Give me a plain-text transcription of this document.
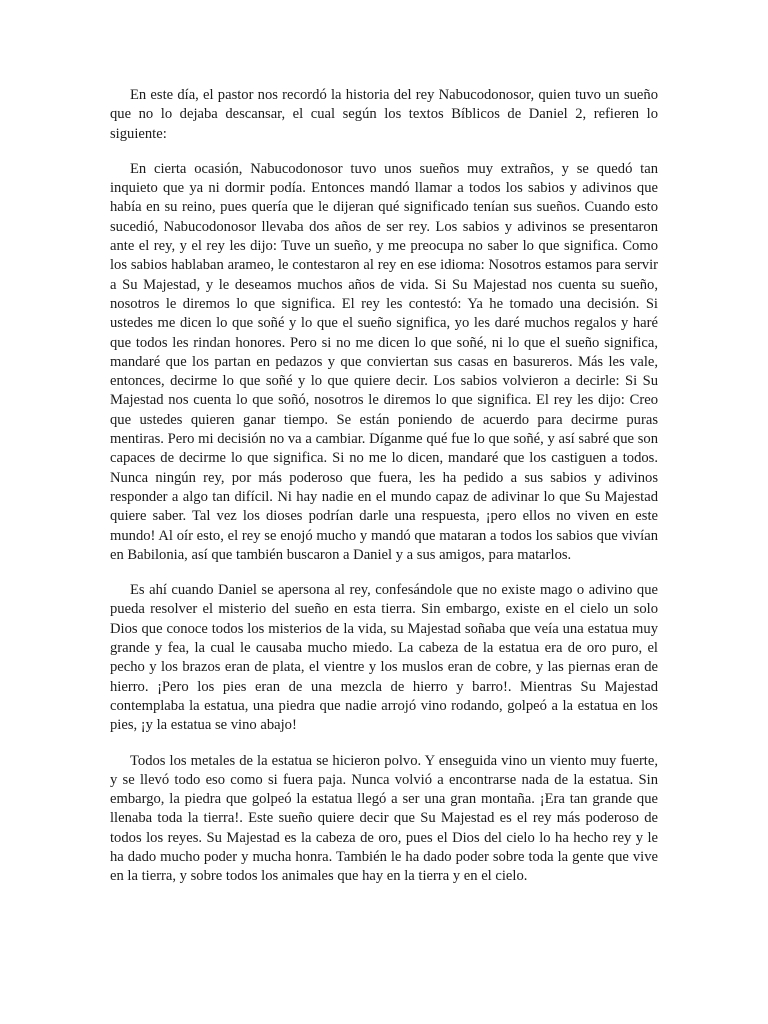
En este día, el pastor nos recordó la historia del rey Nabucodonosor, quien tuvo un sueño que no lo dejaba descansar, el cual según los textos Bíblicos de Daniel 2, refieren lo siguiente:

En cierta ocasión, Nabucodonosor tuvo unos sueños muy extraños, y se quedó tan inquieto que ya ni dormir podía. Entonces mandó llamar a todos los sabios y adivinos que había en su reino, pues quería que le dijeran qué significado tenían sus sueños. Cuando esto sucedió, Nabucodonosor llevaba dos años de ser rey. Los sabios y adivinos se presentaron ante el rey, y el rey les dijo: Tuve un sueño, y me preocupa no saber lo que significa. Como los sabios hablaban arameo, le contestaron al rey en ese idioma: Nosotros estamos para servir a Su Majestad, y le deseamos muchos años de vida. Si Su Majestad nos cuenta su sueño, nosotros le diremos lo que significa. El rey les contestó: Ya he tomado una decisión. Si ustedes me dicen lo que soñé y lo que el sueño significa, yo les daré muchos regalos y haré que todos les rindan honores. Pero si no me dicen lo que soñé, ni lo que el sueño significa, mandaré que los partan en pedazos y que conviertan sus casas en basureros. Más les vale, entonces, decirme lo que soñé y lo que quiere decir. Los sabios volvieron a decirle: Si Su Majestad nos cuenta lo que soñó, nosotros le diremos lo que significa. El rey les dijo: Creo que ustedes quieren ganar tiempo. Se están poniendo de acuerdo para decirme puras mentiras. Pero mi decisión no va a cambiar. Díganme qué fue lo que soñé, y así sabré que son capaces de decirme lo que significa. Si no me lo dicen, mandaré que los castiguen a todos. Nunca ningún rey, por más poderoso que fuera, les ha pedido a sus sabios y adivinos responder a algo tan difícil. Ni hay nadie en el mundo capaz de adivinar lo que Su Majestad quiere saber. Tal vez los dioses podrían darle una respuesta, ¡pero ellos no viven en este mundo! Al oír esto, el rey se enojó mucho y mandó que mataran a todos los sabios que vivían en Babilonia, así que también buscaron a Daniel y a sus amigos, para matarlos.

Es ahí cuando Daniel se apersona al rey, confesándole que no existe mago o adivino que pueda resolver el misterio del sueño en esta tierra. Sin embargo, existe en el cielo un solo Dios que conoce todos los misterios de la vida, su Majestad soñaba que veía una estatua muy grande y fea, la cual le causaba mucho miedo. La cabeza de la estatua era de oro puro, el pecho y los brazos eran de plata, el vientre y los muslos eran de cobre, y las piernas eran de hierro. ¡Pero los pies eran de una mezcla de hierro y barro!. Mientras Su Majestad contemplaba la estatua, una piedra que nadie arrojó vino rodando, golpeó a la estatua en los pies, ¡y la estatua se vino abajo!

Todos los metales de la estatua se hicieron polvo. Y enseguida vino un viento muy fuerte, y se llevó todo eso como si fuera paja. Nunca volvió a encontrarse nada de la estatua. Sin embargo, la piedra que golpeó la estatua llegó a ser una gran montaña. ¡Era tan grande que llenaba toda la tierra!. Este sueño quiere decir que Su Majestad es el rey más poderoso de todos los reyes. Su Majestad es la cabeza de oro, pues el Dios del cielo lo ha hecho rey y le ha dado mucho poder y mucha honra. También le ha dado poder sobre toda la gente que vive en la tierra, y sobre todos los animales que hay en la tierra y en el cielo.
